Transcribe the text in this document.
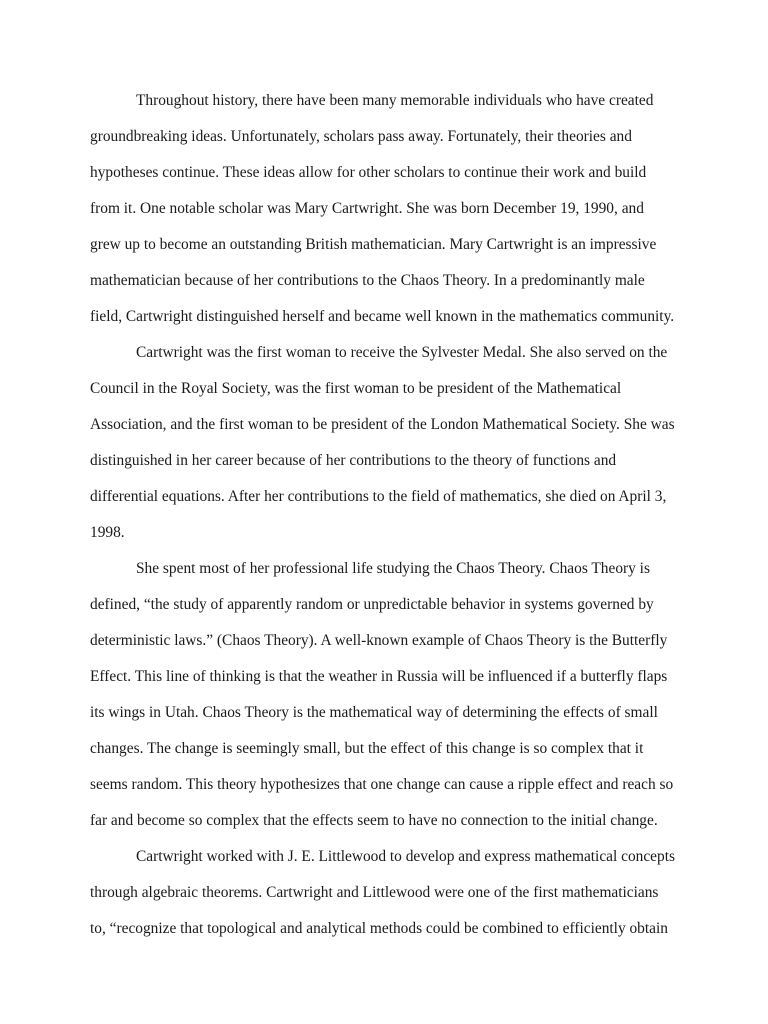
Throughout history, there have been many memorable individuals who have created groundbreaking ideas. Unfortunately, scholars pass away. Fortunately, their theories and hypotheses continue. These ideas allow for other scholars to continue their work and build from it. One notable scholar was Mary Cartwright. She was born December 19, 1990, and grew up to become an outstanding British mathematician. Mary Cartwright is an impressive mathematician because of her contributions to the Chaos Theory. In a predominantly male field, Cartwright distinguished herself and became well known in the mathematics community.

Cartwright was the first woman to receive the Sylvester Medal. She also served on the Council in the Royal Society, was the first woman to be president of the Mathematical Association, and the first woman to be president of the London Mathematical Society. She was distinguished in her career because of her contributions to the theory of functions and differential equations. After her contributions to the field of mathematics, she died on April 3, 1998.

She spent most of her professional life studying the Chaos Theory. Chaos Theory is defined, “the study of apparently random or unpredictable behavior in systems governed by deterministic laws.” (Chaos Theory). A well-known example of Chaos Theory is the Butterfly Effect. This line of thinking is that the weather in Russia will be influenced if a butterfly flaps its wings in Utah. Chaos Theory is the mathematical way of determining the effects of small changes. The change is seemingly small, but the effect of this change is so complex that it seems random. This theory hypothesizes that one change can cause a ripple effect and reach so far and become so complex that the effects seem to have no connection to the initial change.

Cartwright worked with J. E. Littlewood to develop and express mathematical concepts through algebraic theorems. Cartwright and Littlewood were one of the first mathematicians to, “recognize that topological and analytical methods could be combined to efficiently obtain
